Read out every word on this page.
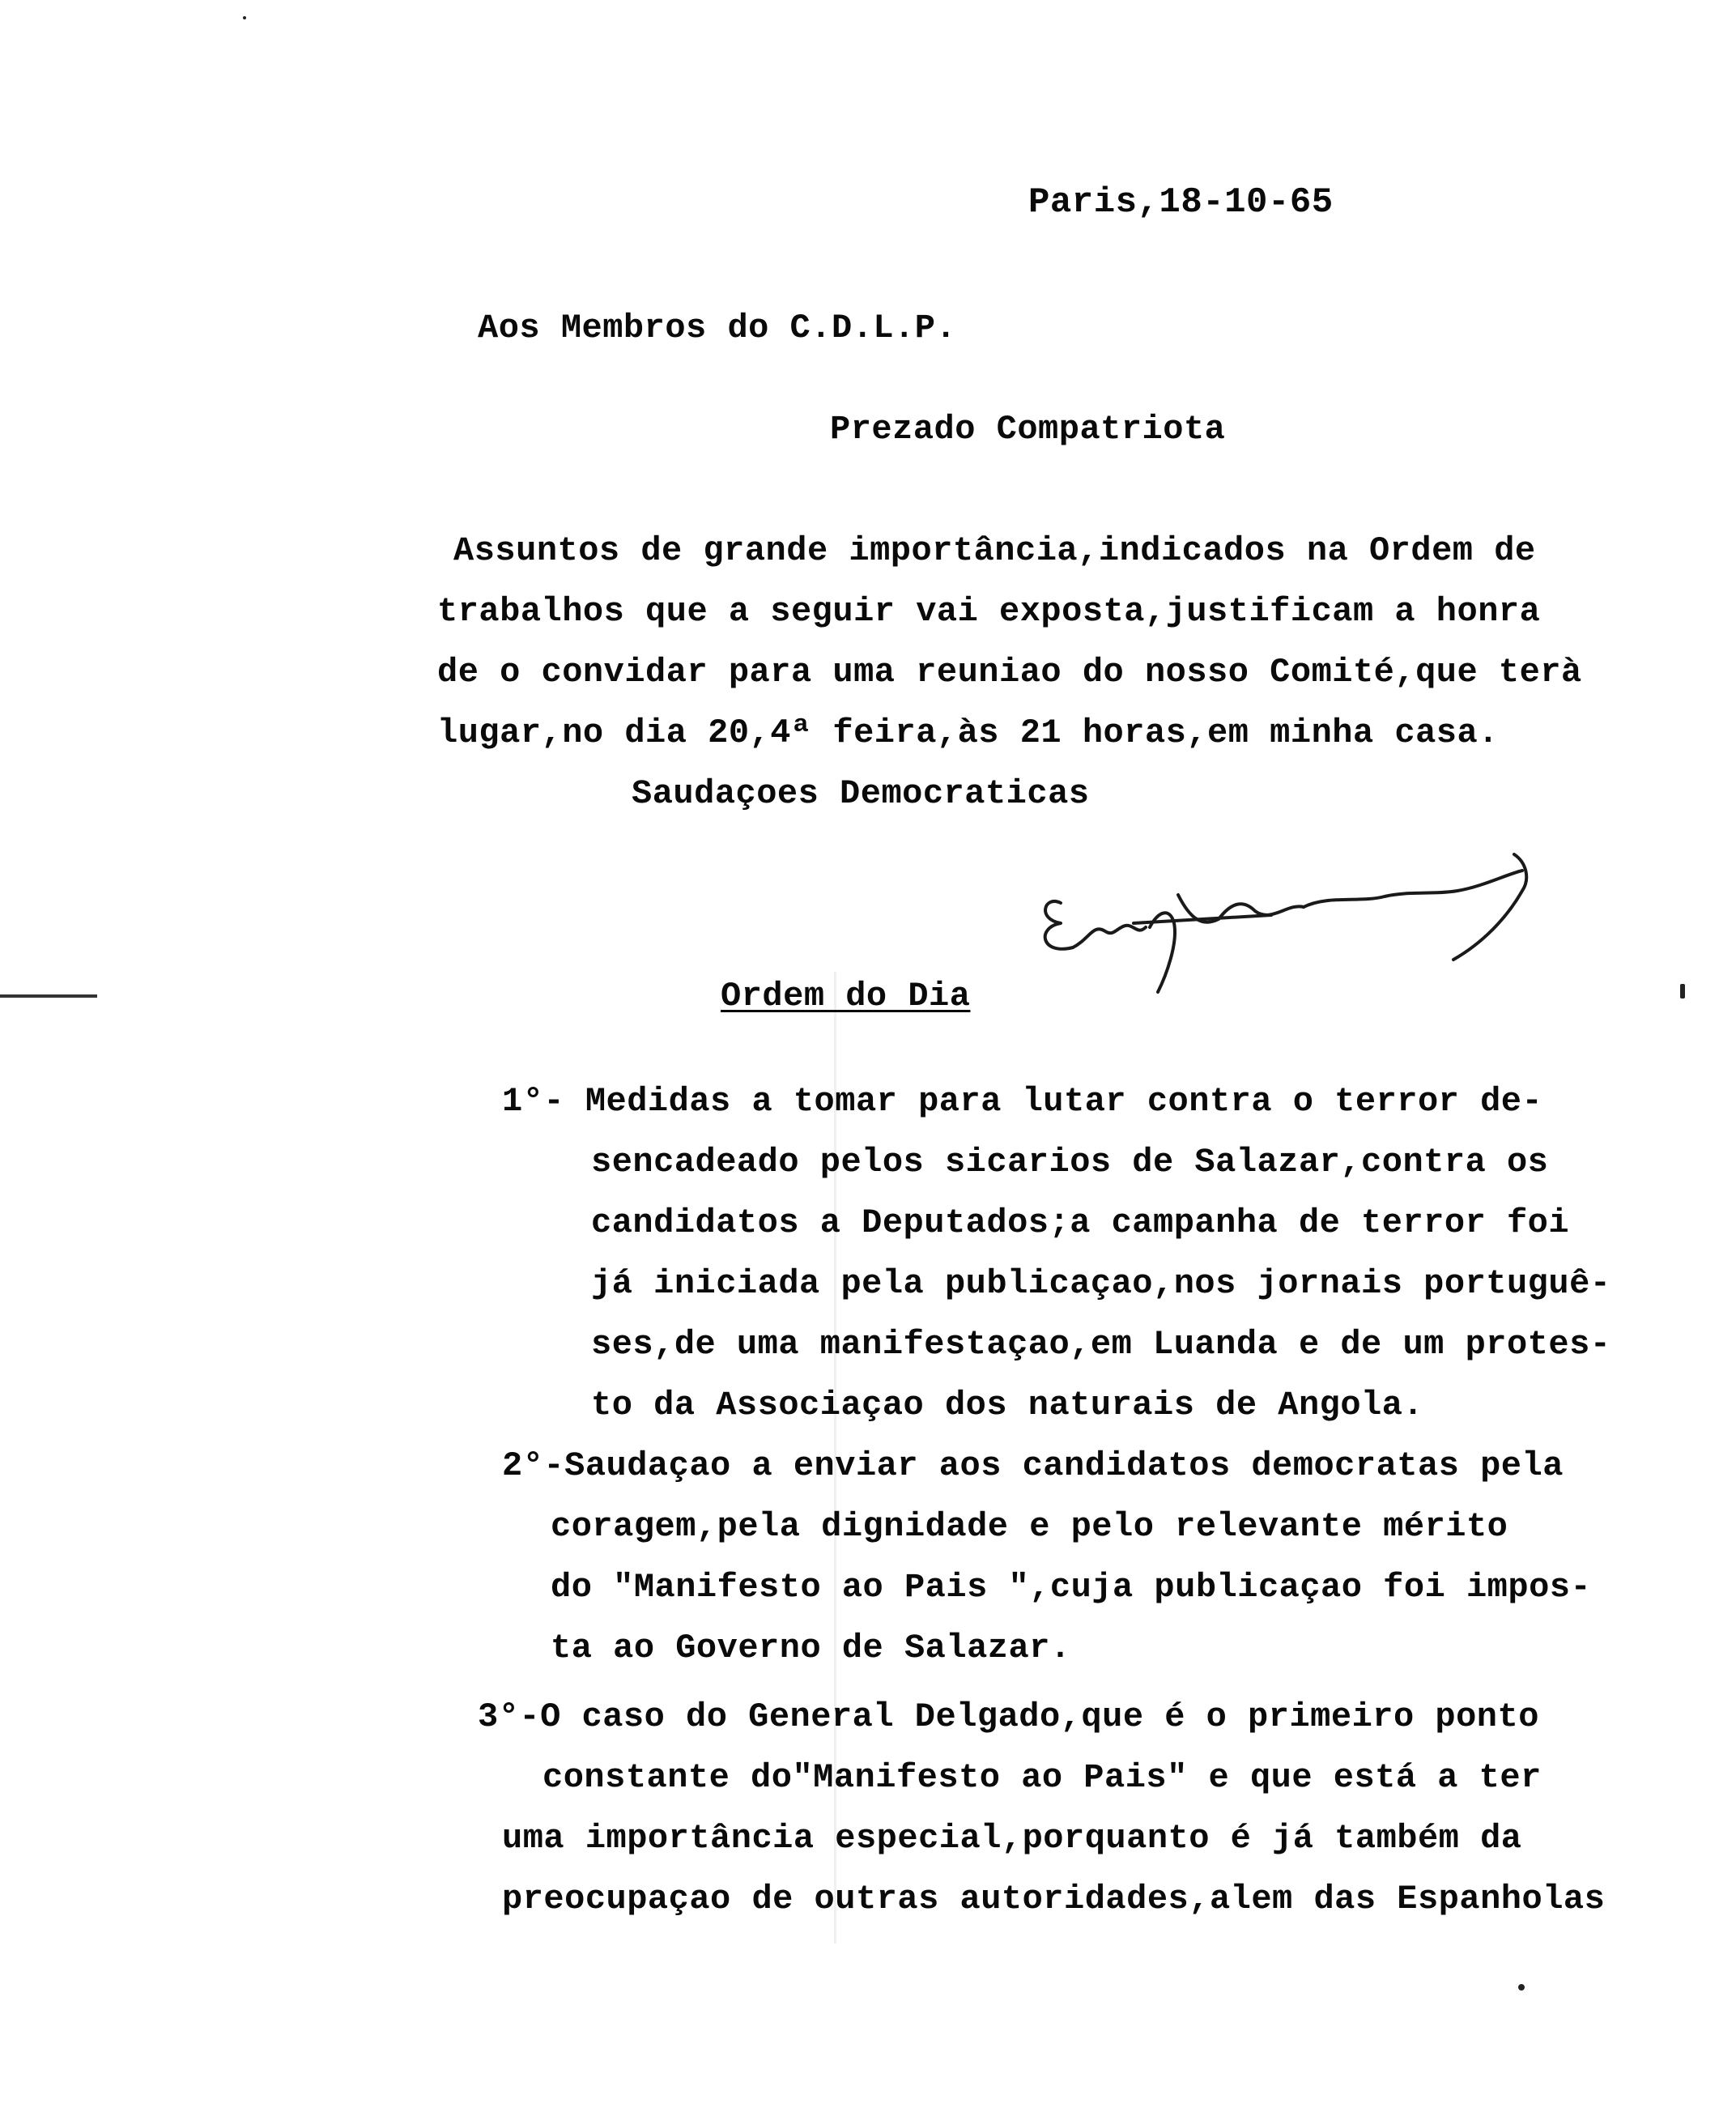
Paris,18-10-65
Aos Membros do C.D.L.P.
Prezado Compatriota
Assuntos de grande importância,indicados na Ordem de
trabalhos que a seguir vai exposta,justificam a honra
de o convidar para uma reuniao do nosso Comité,que terà
lugar,no dia 20,4ª feira,às 21 horas,em minha casa.
Saudaçoes Democraticas
Ordem do Dia
1°- Medidas a tomar para lutar contra o terror de-
sencadeado pelos sicarios de Salazar,contra os
candidatos a Deputados;a campanha de terror foi
já iniciada pela publicaçao,nos jornais portuguê-
ses,de uma manifestaçao,em Luanda e de um protes-
to da Associaçao dos naturais de Angola.
2°-Saudaçao a enviar aos candidatos democratas pela
coragem,pela dignidade e pelo relevante mérito
do "Manifesto ao Pais ",cuja publicaçao foi impos-
ta ao Governo de Salazar.
3°-O caso do General Delgado,que é o primeiro ponto
constante do"Manifesto ao Pais" e que está a ter
uma importância especial,porquanto é já também da
preocupaçao de outras autoridades,alem das Espanholas
